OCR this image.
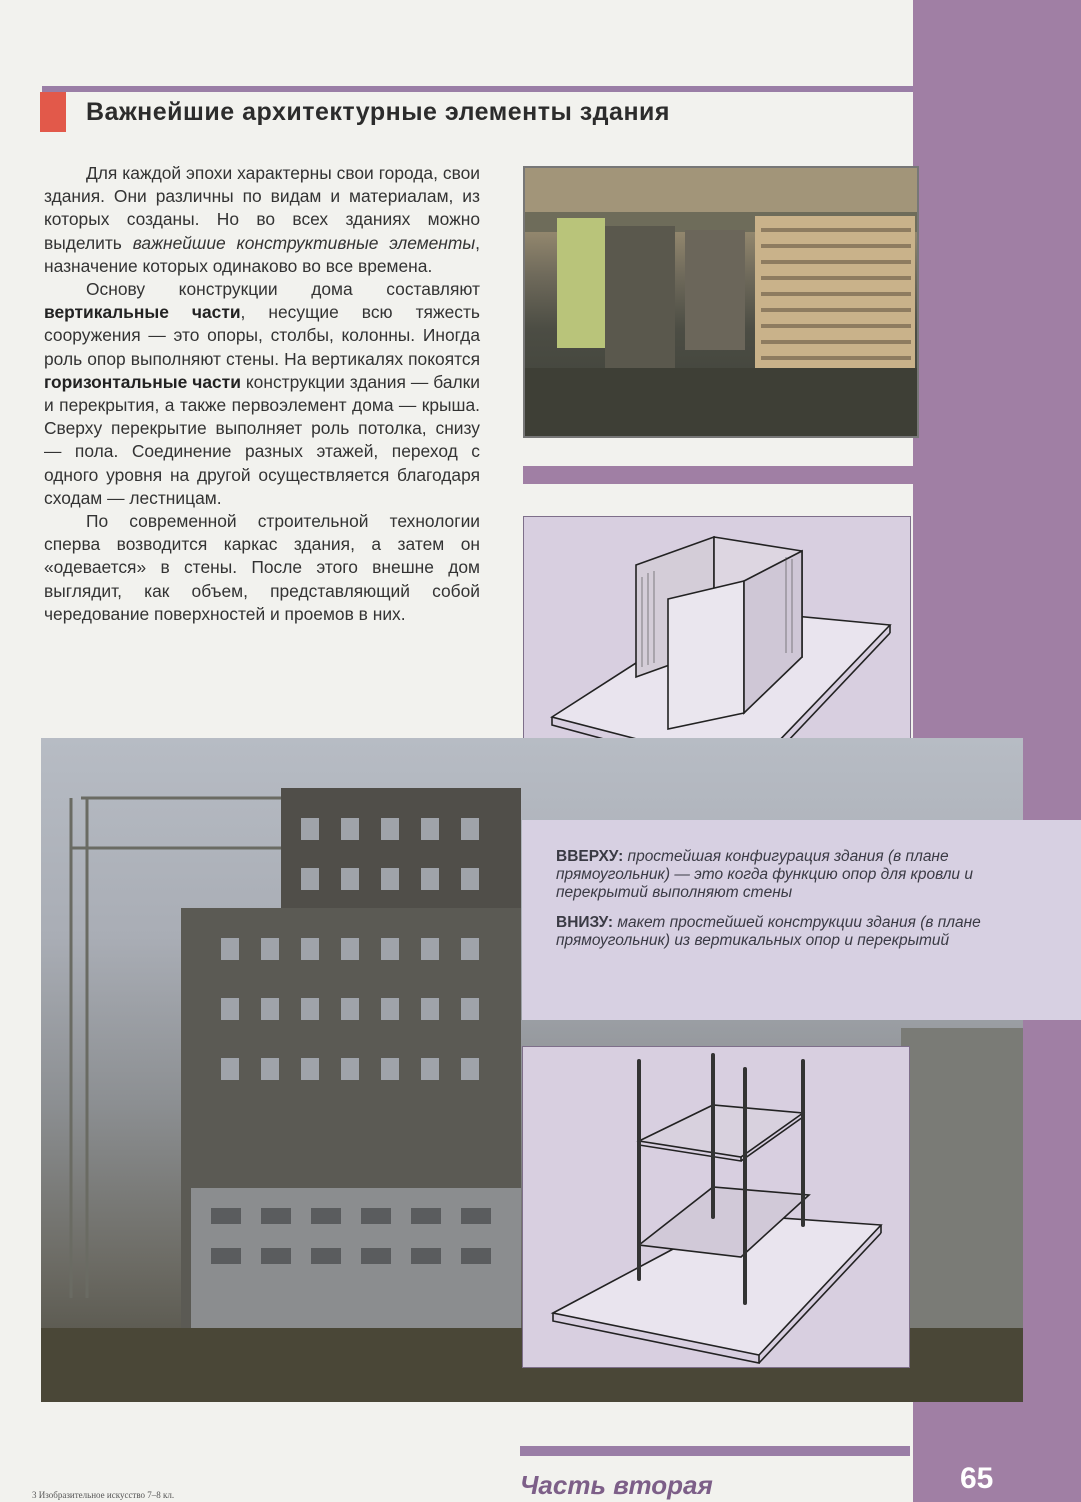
Важнейшие архитектурные элементы здания

Для каждой эпохи характерны свои города, свои здания. Они различны по видам и материалам, из которых созданы. Но во всех зданиях можно выделить важнейшие конструктивные элементы, назначение которых одинаково во все времена.

Основу конструкции дома составляют вертикальные части, несущие всю тяжесть сооружения — это опоры, столбы, колонны. Иногда роль опор выполняют стены. На вертикалях покоятся горизонтальные части конструкции здания — балки и перекрытия, а также первоэлемент дома — крыша. Сверху перекрытие выполняет роль потолка, снизу — пола. Соединение разных этажей, переход с одного уровня на другой осуществляется благодаря сходам — лестницам.

По современной строительной технологии сперва возводится каркас здания, а затем он «одевается» в стены. После этого внешне дом выглядит, как объем, представляющий собой чередование поверхностей и проемов в них.

ВВЕРХУ: простейшая конфигурация здания (в плане прямоугольник) — это когда функцию опор для кровли и перекрытий выполняют стены

ВНИЗУ: макет простейшей конструкции здания (в плане прямоугольник) из вертикальных опор и перекрытий

Часть вторая	65
3 Изобразительное искусство 7–8 кл.
